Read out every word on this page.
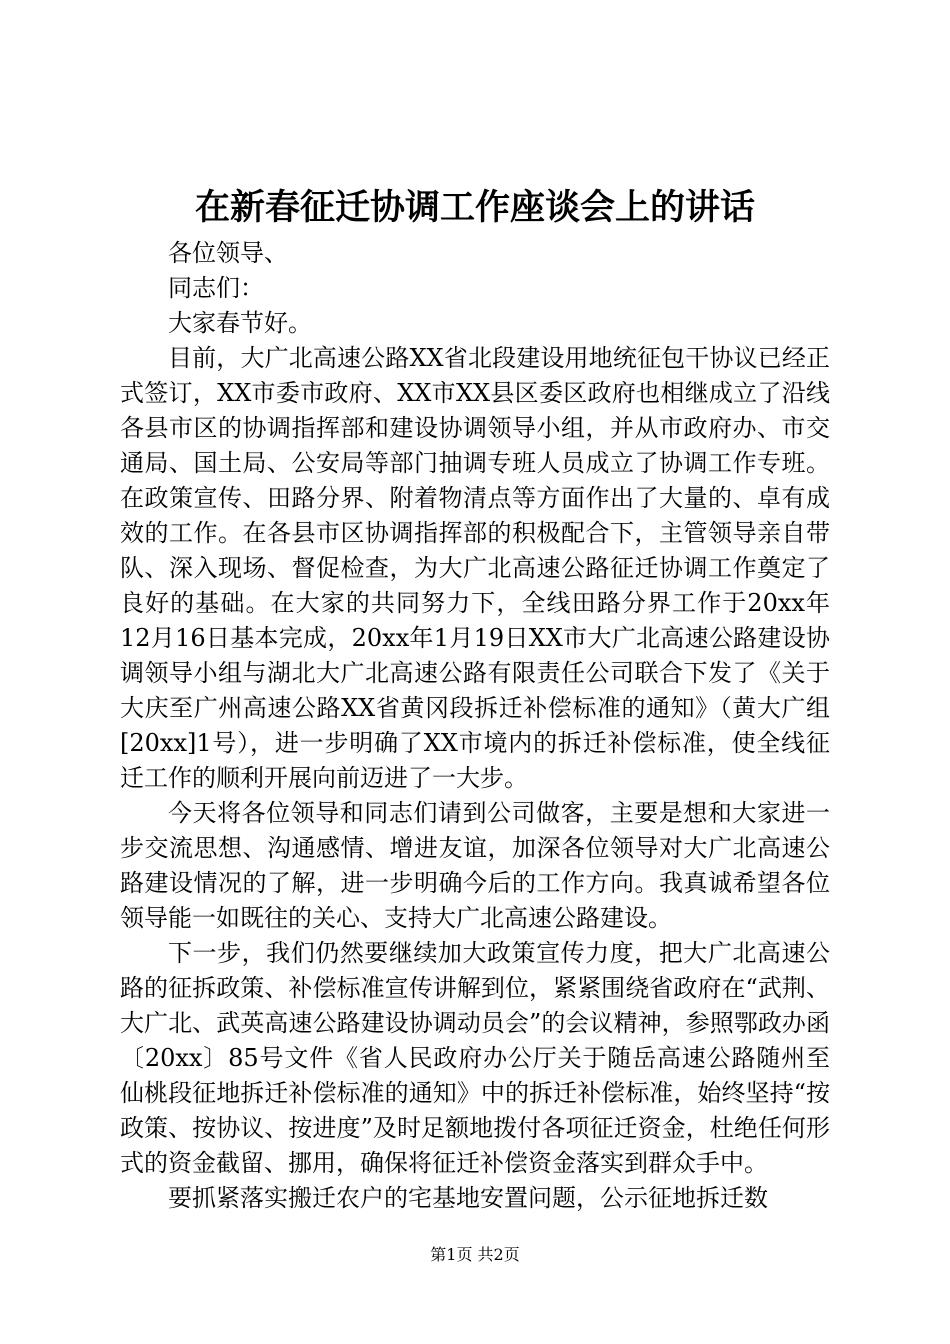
在新春征迁协调工作座谈会上的讲话

各位领导、

同志们：

大家春节好。

目前，大广北高速公路XX省北段建设用地统征包干协议已经正式签订，XX市委市政府、XX市XX县区委区政府也相继成立了沿线各县市区的协调指挥部和建设协调领导小组，并从市政府办、市交通局、国土局、公安局等部门抽调专班人员成立了协调工作专班。在政策宣传、田路分界、附着物清点等方面作出了大量的、卓有成效的工作。在各县市区协调指挥部的积极配合下，主管领导亲自带队、深入现场、督促检查，为大广北高速公路征迁协调工作奠定了良好的基础。在大家的共同努力下，全线田路分界工作于20xx年12月16日基本完成，20xx年1月19日XX市大广北高速公路建设协调领导小组与湖北大广北高速公路有限责任公司联合下发了《关于大庆至广州高速公路XX省黄冈段拆迁补偿标准的通知》（黄大广组[20xx]1号），进一步明确了XX市境内的拆迁补偿标准，使全线征迁工作的顺利开展向前迈进了一大步。

今天将各位领导和同志们请到公司做客，主要是想和大家进一步交流思想、沟通感情、增进友谊，加深各位领导对大广北高速公路建设情况的了解，进一步明确今后的工作方向。我真诚希望各位领导能一如既往的关心、支持大广北高速公路建设。

下一步，我们仍然要继续加大政策宣传力度，把大广北高速公路的征拆政策、补偿标准宣传讲解到位，紧紧围绕省政府在“武荆、大广北、武英高速公路建设协调动员会”的会议精神，参照鄂政办函〔20xx〕85号文件《省人民政府办公厅关于随岳高速公路随州至仙桃段征地拆迁补偿标准的通知》中的拆迁补偿标准，始终坚持“按政策、按协议、按进度”及时足额地拨付各项征迁资金，杜绝任何形式的资金截留、挪用，确保将征迁补偿资金落实到群众手中。

要抓紧落实搬迁农户的宅基地安置问题，公示征地拆迁数

第1页 共2页
